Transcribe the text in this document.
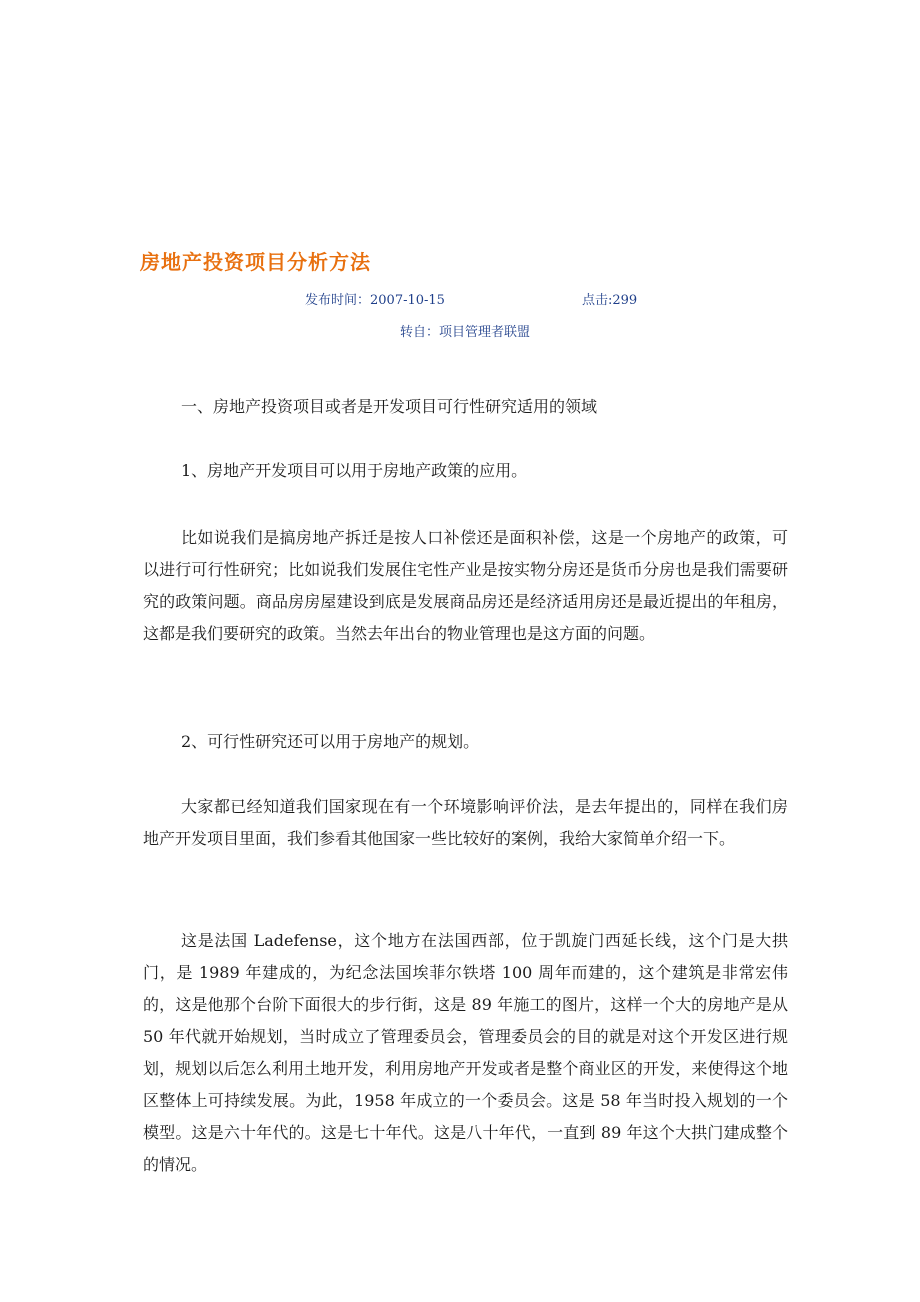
房地产投资项目分析方法
发布时间：2007-10-15	点击:299
转自：项目管理者联盟
一、房地产投资项目或者是开发项目可行性研究适用的领域
1、房地产开发项目可以用于房地产政策的应用。
比如说我们是搞房地产拆迁是按人口补偿还是面积补偿，这是一个房地产的政策，可以进行可行性研究；比如说我们发展住宅性产业是按实物分房还是货币分房也是我们需要研究的政策问题。商品房房屋建设到底是发展商品房还是经济适用房还是最近提出的年租房，这都是我们要研究的政策。当然去年出台的物业管理也是这方面的问题。
2、可行性研究还可以用于房地产的规划。
大家都已经知道我们国家现在有一个环境影响评价法，是去年提出的，同样在我们房地产开发项目里面，我们参看其他国家一些比较好的案例，我给大家简单介绍一下。
这是法国 Ladefense，这个地方在法国西部，位于凯旋门西延长线，这个门是大拱门，是 1989 年建成的，为纪念法国埃菲尔铁塔 100 周年而建的，这个建筑是非常宏伟的，这是他那个台阶下面很大的步行街，这是 89 年施工的图片，这样一个大的房地产是从 50 年代就开始规划，当时成立了管理委员会，管理委员会的目的就是对这个开发区进行规划，规划以后怎么利用土地开发，利用房地产开发或者是整个商业区的开发，来使得这个地区整体上可持续发展。为此，1958 年成立的一个委员会。这是 58 年当时投入规划的一个模型。这是六十年代的。这是七十年代。这是八十年代，一直到 89 年这个大拱门建成整个的情况。
